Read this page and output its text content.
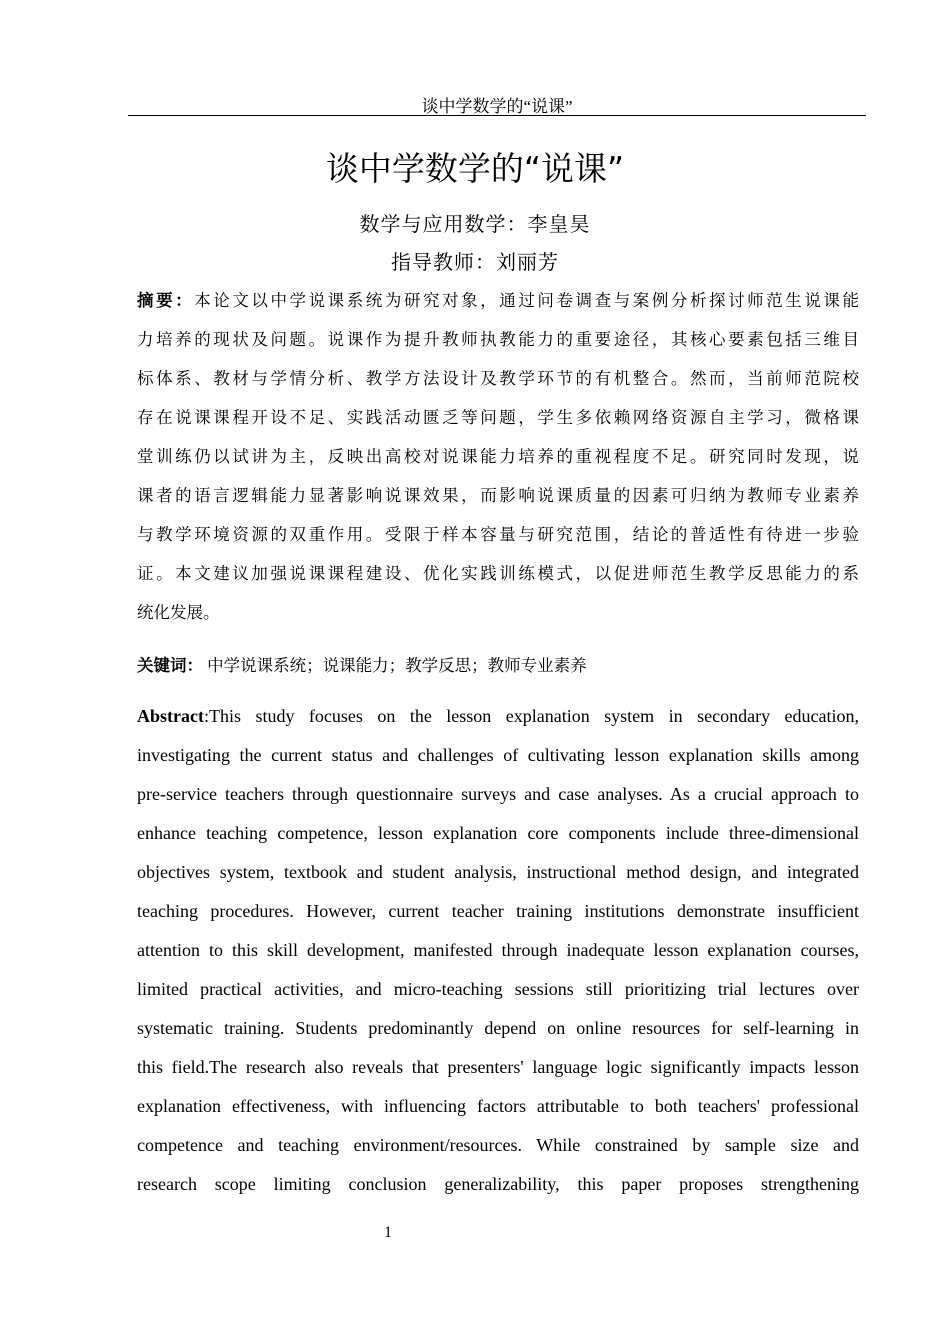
谈中学数学的“说课”
谈中学数学的“说课”
数学与应用数学：李皇昊
指导教师：刘丽芳
摘要：本论文以中学说课系统为研究对象，通过问卷调查与案例分析探讨师范生说课能
力培养的现状及问题。说课作为提升教师执教能力的重要途径，其核心要素包括三维目
标体系、教材与学情分析、教学方法设计及教学环节的有机整合。然而，当前师范院校
存在说课课程开设不足、实践活动匮乏等问题，学生多依赖网络资源自主学习，微格课
堂训练仍以试讲为主，反映出高校对说课能力培养的重视程度不足。研究同时发现，说
课者的语言逻辑能力显著影响说课效果，而影响说课质量的因素可归纳为教师专业素养
与教学环境资源的双重作用。受限于样本容量与研究范围，结论的普适性有待进一步验
证。本文建议加强说课课程建设、优化实践训练模式，以促进师范生教学反思能力的系
统化发展。
关键词： 中学说课系统；说课能力；教学反思；教师专业素养
Abstract:This study focuses on the lesson explanation system in secondary education,
investigating the current status and challenges of cultivating lesson explanation skills among
pre-service teachers through questionnaire surveys and case analyses. As a crucial approach to
enhance teaching competence, lesson explanation core components include three-dimensional
objectives system, textbook and student analysis, instructional method design, and integrated
teaching procedures. However, current teacher training institutions demonstrate insufficient
attention to this skill development, manifested through inadequate lesson explanation courses,
limited practical activities, and micro-teaching sessions still prioritizing trial lectures over
systematic training. Students predominantly depend on online resources for self-learning in
this field.The research also reveals that presenters' language logic significantly impacts lesson
explanation effectiveness, with influencing factors attributable to both teachers' professional
competence and teaching environment/resources. While constrained by sample size and
research scope limiting conclusion generalizability, this paper proposes strengthening
1
